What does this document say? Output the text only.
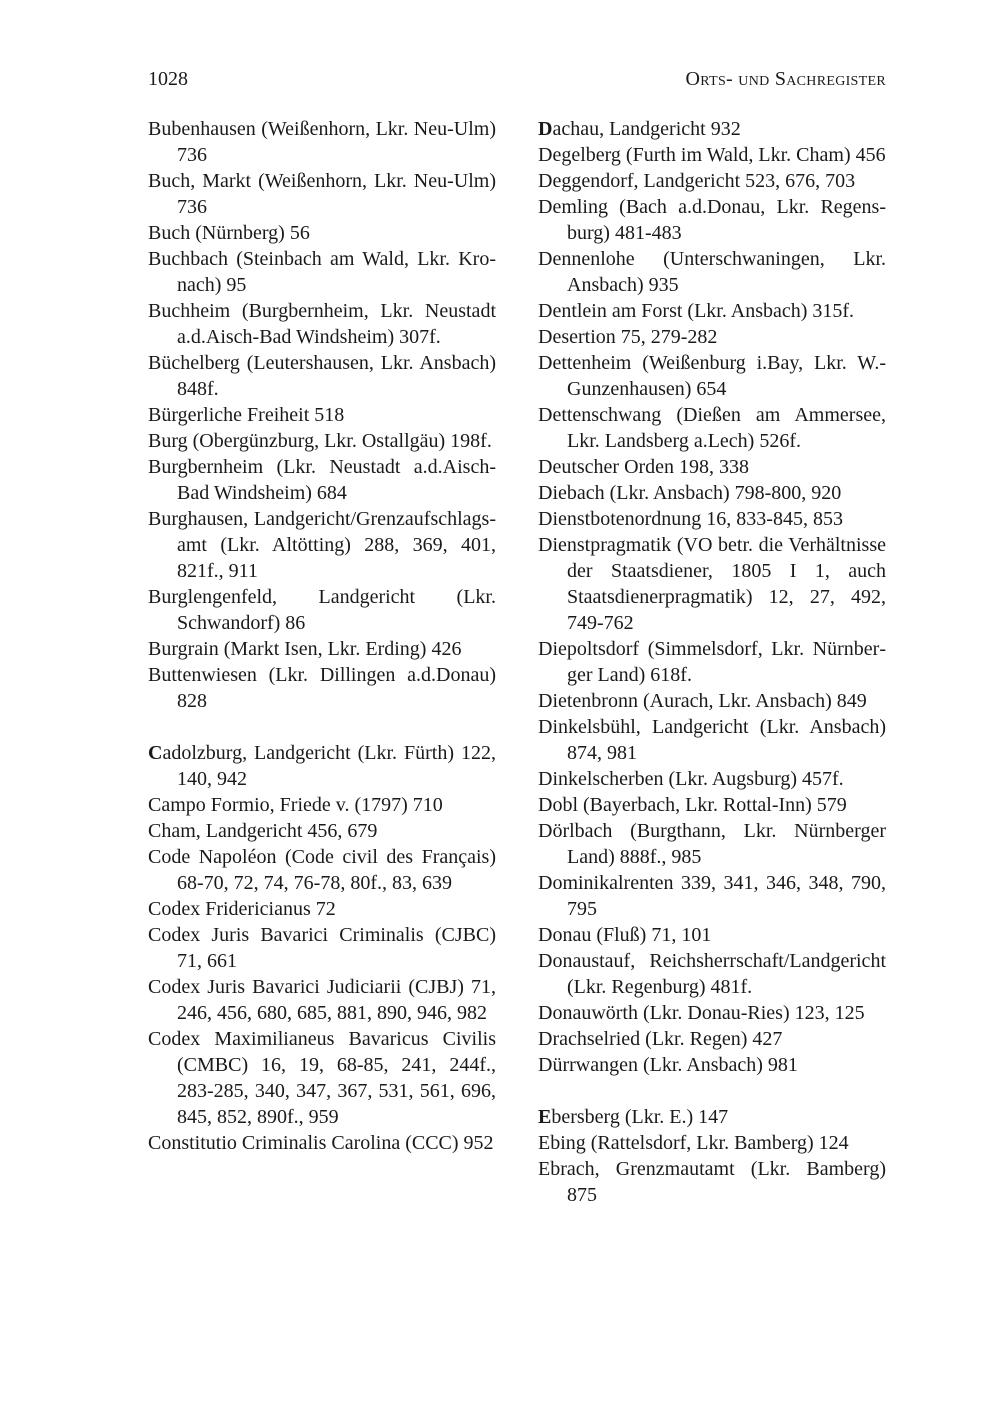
1028	Orts- und Sachregister
Bubenhausen (Weißenhorn, Lkr. Neu-Ulm) 736
Buch, Markt (Weißenhorn, Lkr. Neu-Ulm) 736
Buch (Nürnberg) 56
Buchbach (Steinbach am Wald, Lkr. Kronach) 95
Buchheim (Burgbernheim, Lkr. Neustadt a.d.Aisch-Bad Windsheim) 307f.
Büchelberg (Leutershausen, Lkr. Ansbach) 848f.
Bürgerliche Freiheit 518
Burg (Obergünzburg, Lkr. Ostallgäu) 198f.
Burgbernheim (Lkr. Neustadt a.d.Aisch-Bad Windsheim) 684
Burghausen, Landgericht/Grenzaufschlagsamt (Lkr. Altötting) 288, 369, 401, 821f., 911
Burglengenfeld, Landgericht (Lkr. Schwandorf) 86
Burgrain (Markt Isen, Lkr. Erding) 426
Buttenwiesen (Lkr. Dillingen a.d.Donau) 828
Cadolzburg, Landgericht (Lkr. Fürth) 122, 140, 942
Campo Formio, Friede v. (1797) 710
Cham, Landgericht 456, 679
Code Napoléon (Code civil des Français) 68-70, 72, 74, 76-78, 80f., 83, 639
Codex Fridericianus 72
Codex Juris Bavarici Criminalis (CJBC) 71, 661
Codex Juris Bavarici Judiciarii (CJBJ) 71, 246, 456, 680, 685, 881, 890, 946, 982
Codex Maximilianeus Bavaricus Civilis (CMBC) 16, 19, 68-85, 241, 244f., 283-285, 340, 347, 367, 531, 561, 696, 845, 852, 890f., 959
Constitutio Criminalis Carolina (CCC) 952
Dachau, Landgericht 932
Degelberg (Furth im Wald, Lkr. Cham) 456
Deggendorf, Landgericht 523, 676, 703
Demling (Bach a.d.Donau, Lkr. Regensburg) 481-483
Dennenlohe (Unterschwaningen, Lkr. Ansbach) 935
Dentlein am Forst (Lkr. Ansbach) 315f.
Desertion 75, 279-282
Dettenheim (Weißenburg i.Bay, Lkr. W.-Gunzenhausen) 654
Dettenschwang (Dießen am Ammersee, Lkr. Landsberg a.Lech) 526f.
Deutscher Orden 198, 338
Diebach (Lkr. Ansbach) 798-800, 920
Dienstbotenordnung 16, 833-845, 853
Dienstpragmatik (VO betr. die Verhältnisse der Staatsdiener, 1805 I 1, auch Staatsdienerpragmatik) 12, 27, 492, 749-762
Diepoltsdorf (Simmelsdorf, Lkr. Nürnberger Land) 618f.
Dietenbronn (Aurach, Lkr. Ansbach) 849
Dinkelsbühl, Landgericht (Lkr. Ansbach) 874, 981
Dinkelscherben (Lkr. Augsburg) 457f.
Dobl (Bayerbach, Lkr. Rottal-Inn) 579
Dörlbach (Burgthann, Lkr. Nürnberger Land) 888f., 985
Dominikalrenten 339, 341, 346, 348, 790, 795
Donau (Fluß) 71, 101
Donaustauf, Reichsherrschaft/Landgericht (Lkr. Regenburg) 481f.
Donauwörth (Lkr. Donau-Ries) 123, 125
Drachselried (Lkr. Regen) 427
Dürrwangen (Lkr. Ansbach) 981
Ebersberg (Lkr. E.) 147
Ebing (Rattelsdorf, Lkr. Bamberg) 124
Ebrach, Grenzmautamt (Lkr. Bamberg) 875
